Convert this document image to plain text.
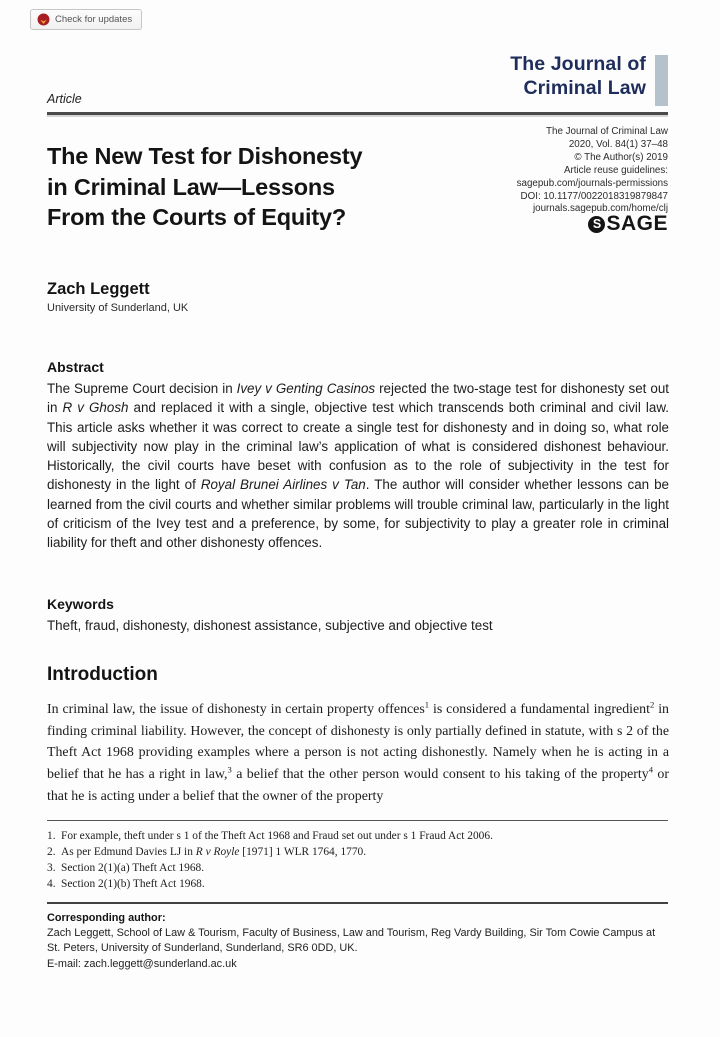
Check for updates
The Journal of
Criminal Law
Article
The Journal of Criminal Law
2020, Vol. 84(1) 37–48
© The Author(s) 2019
Article reuse guidelines:
sagepub.com/journals-permissions
DOI: 10.1177/0022018319879847
journals.sagepub.com/home/clj
S SAGE
The New Test for Dishonesty
in Criminal Law—Lessons
From the Courts of Equity?
Zach Leggett
University of Sunderland, UK
Abstract

The Supreme Court decision in Ivey v Genting Casinos rejected the two-stage test for dishonesty set out in R v Ghosh and replaced it with a single, objective test which transcends both criminal and civil law. This article asks whether it was correct to create a single test for dishonesty and in doing so, what role will subjectivity now play in the criminal law’s application of what is considered dishonest behaviour. Historically, the civil courts have beset with confusion as to the role of subjectivity in the test for dishonesty in the light of Royal Brunei Airlines v Tan. The author will consider whether lessons can be learned from the civil courts and whether similar problems will trouble criminal law, particularly in the light of criticism of the Ivey test and a preference, by some, for subjectivity to play a greater role in criminal liability for theft and other dishonesty offences.

Keywords

Theft, fraud, dishonesty, dishonest assistance, subjective and objective test

Introduction

In criminal law, the issue of dishonesty in certain property offences$^1$ is considered a fundamental ingredient$^2$ in finding criminal liability. However, the concept of dishonesty is only partially defined in statute, with s 2 of the Theft Act 1968 providing examples where a person is not acting dishonestly. Namely when he is acting in a belief that he has a right in law,$^3$ a belief that the other person would consent to his taking of the property$^4$ or that he is acting under a belief that the owner of the property

1. For example, theft under s 1 of the Theft Act 1968 and Fraud set out under s 1 Fraud Act 2006.
2. As per Edmund Davies LJ in R v Royle [1971] 1 WLR 1764, 1770.
3. Section 2(1)(a) Theft Act 1968.
4. Section 2(1)(b) Theft Act 1968.
Corresponding author:
Zach Leggett, School of Law & Tourism, Faculty of Business, Law and Tourism, Reg Vardy Building, Sir Tom Cowie Campus at St. Peters, University of Sunderland, Sunderland, SR6 0DD, UK.
E-mail: zach.leggett@sunderland.ac.uk
